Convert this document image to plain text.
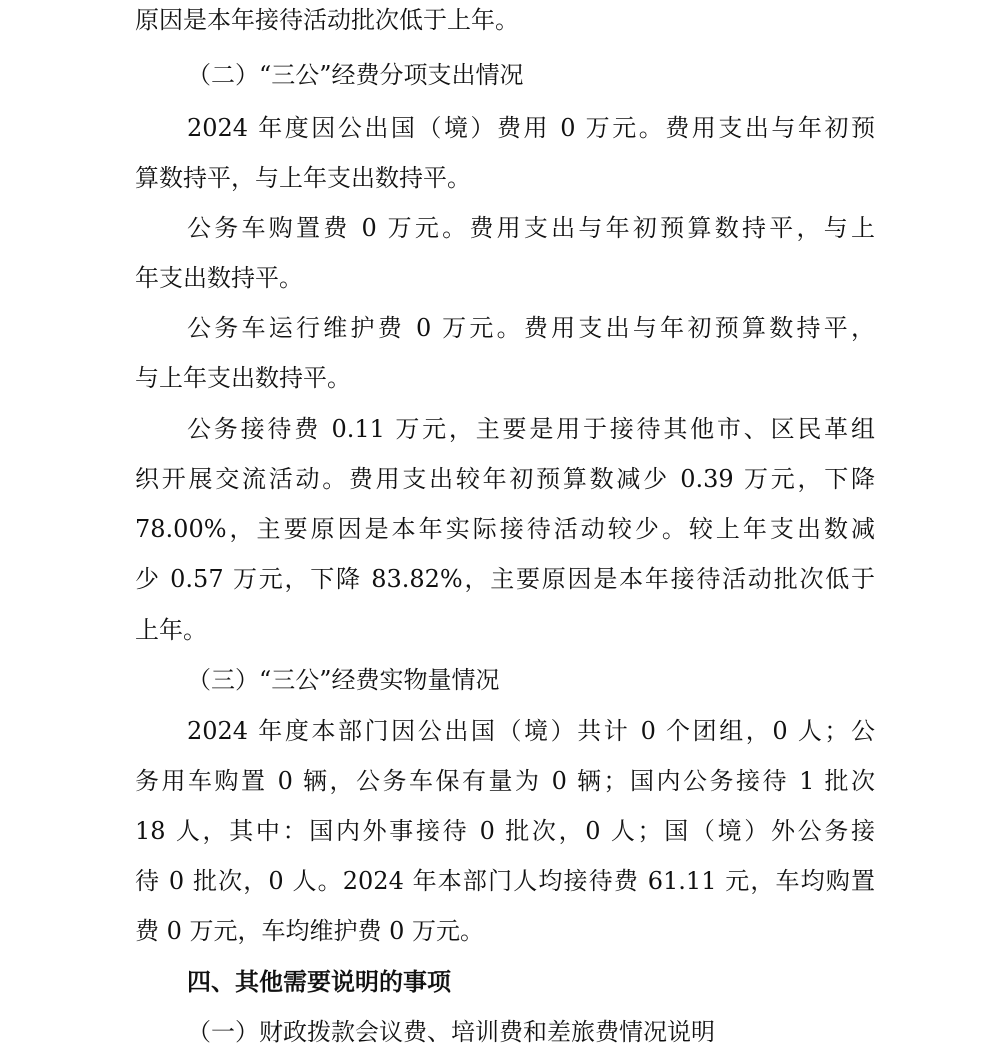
原因是本年接待活动批次低于上年。
（二）“三公”经费分项支出情况
2024 年度因公出国（境）费用 0 万元。费用支出与年初预
算数持平，与上年支出数持平。
公务车购置费 0 万元。费用支出与年初预算数持平，与上
年支出数持平。
公务车运行维护费 0 万元。费用支出与年初预算数持平，
与上年支出数持平。
公务接待费 0.11 万元，主要是用于接待其他市、区民革组
织开展交流活动。费用支出较年初预算数减少 0.39 万元，下降
78.00%，主要原因是本年实际接待活动较少。较上年支出数减
少 0.57 万元，下降 83.82%，主要原因是本年接待活动批次低于
上年。
（三）“三公”经费实物量情况
2024 年度本部门因公出国（境）共计 0 个团组，0 人；公
务用车购置 0 辆，公务车保有量为 0 辆；国内公务接待 1 批次
18 人，其中：国内外事接待 0 批次，0 人；国（境）外公务接
待 0 批次，0 人。2024 年本部门人均接待费 61.11 元，车均购置
费 0 万元，车均维护费 0 万元。
四、其他需要说明的事项
（一）财政拨款会议费、培训费和差旅费情况说明
